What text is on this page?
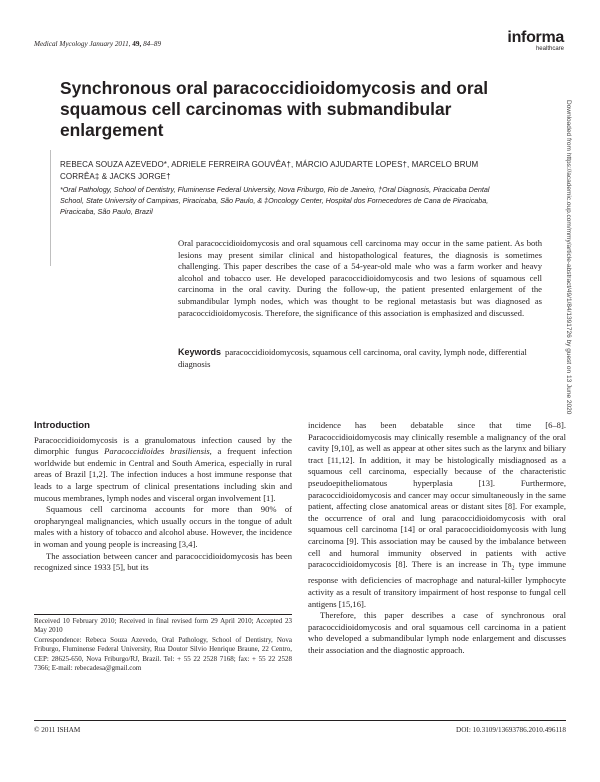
Medical Mycology January 2011, 49, 84–89	informa
healthcare
Synchronous oral paracoccidioidomycosis and oral squamous cell carcinomas with submandibular enlargement
REBECA SOUZA AZEVEDO*, ADRIELE FERREIRA GOUVÊA†, MÁRCIO AJUDARTE LOPES†, MARCELO BRUM CORRÊA‡ & JACKS JORGE†
*Oral Pathology, School of Dentistry, Fluminense Federal University, Nova Friburgo, Rio de Janeiro, †Oral Diagnosis, Piracicaba Dental School, State University of Campinas, Piracicaba, São Paulo, & ‡Oncology Center, Hospital dos Fornecedores de Cana de Piracicaba, Piracicaba, São Paulo, Brazil
Oral paracoccidioidomycosis and oral squamous cell carcinoma may occur in the same patient. As both lesions may present similar clinical and histopathological features, the diagnosis is sometimes challenging. This paper describes the case of a 54-year-old male who was a farm worker and heavy alcohol and tobacco user. He developed paracoccidioidomycosis and two lesions of squamous cell carcinoma in the oral cavity. During the follow-up, the patient presented enlargement of the submandibular lymph nodes, which was thought to be regional metastasis but was diagnosed as paracoccidioidomycosis. Therefore, the significance of this association is emphasized and discussed.
Keywords paracoccidioidomycosis, squamous cell carcinoma, oral cavity, lymph node, differential diagnosis	Downloaded from https://academic.oup.com/mmy/article-abstract/49/1/84/1391726 by guest on 13 June 2020
Introduction

Paracoccidioidomycosis is a granulomatous infection caused by the dimorphic fungus Paracoccidioides brasiliensis, a frequent infection worldwide but endemic in Central and South America, especially in rural areas of Brazil [1,2]. The infection induces a host immune response that leads to a large spectrum of clinical presentations including skin and mucous membranes, lymph nodes and visceral organ involvement [1].

Squamous cell carcinoma accounts for more than 90% of oropharyngeal malignancies, which usually occurs in the tongue of adult males with a history of tobacco and alcohol abuse. However, the incidence in woman and young people is increasing [3,4].

The association between cancer and paracoccidioidomycosis has been recognized since 1933 [5], but its

incidence has been debatable since that time [6–8]. Paracoccidioidomycosis may clinically resemble a malignancy of the oral cavity [9,10], as well as appear at other sites such as the larynx and biliary tract [11,12]. In addition, it may be histologically misdiagnosed as a squamous cell carcinoma, especially because of the characteristic pseudoepitheliomatous hyperplasia [13]. Furthermore, paracoccidioidomycosis and cancer may occur simultaneously in the same patient, affecting close anatomical areas or distant sites [8]. For example, the occurrence of oral and lung paracoccidioidomycosis with oral squamous cell carcinoma [14] or oral paracoccidioidomycosis with lung carcinoma [9]. This association may be caused by the imbalance between cell and humoral immunity observed in patients with active paracoccidioidomycosis [8]. There is an increase in $Th_2$ type immune response with deficiencies of macrophage and natural-killer lymphocyte activity as a result of transitory impairment of host response to fungal cell antigens [15,16].

Therefore, this paper describes a case of synchronous oral paracoccidioidomycosis and oral squamous cell carcinoma in a patient who developed a submandibular lymph node enlargement and discusses their association and the diagnostic approach.

Received 10 February 2010; Received in final revised form 29 April 2010; Accepted 23 May 2010
Correspondence: Rebeca Souza Azevedo, Oral Pathology, School of Dentistry, Nova Friburgo, Fluminense Federal University, Rua Doutor Silvio Henrique Braune, 22 Centro, CEP: 28625-650, Nova Friburgo/RJ, Brazil. Tel: + 55 22 2528 7168; fax: + 55 22 2528 7366; E-mail: rebecadesa@gmail.com
© 2011 ISHAM	DOI: 10.3109/13693786.2010.496118
